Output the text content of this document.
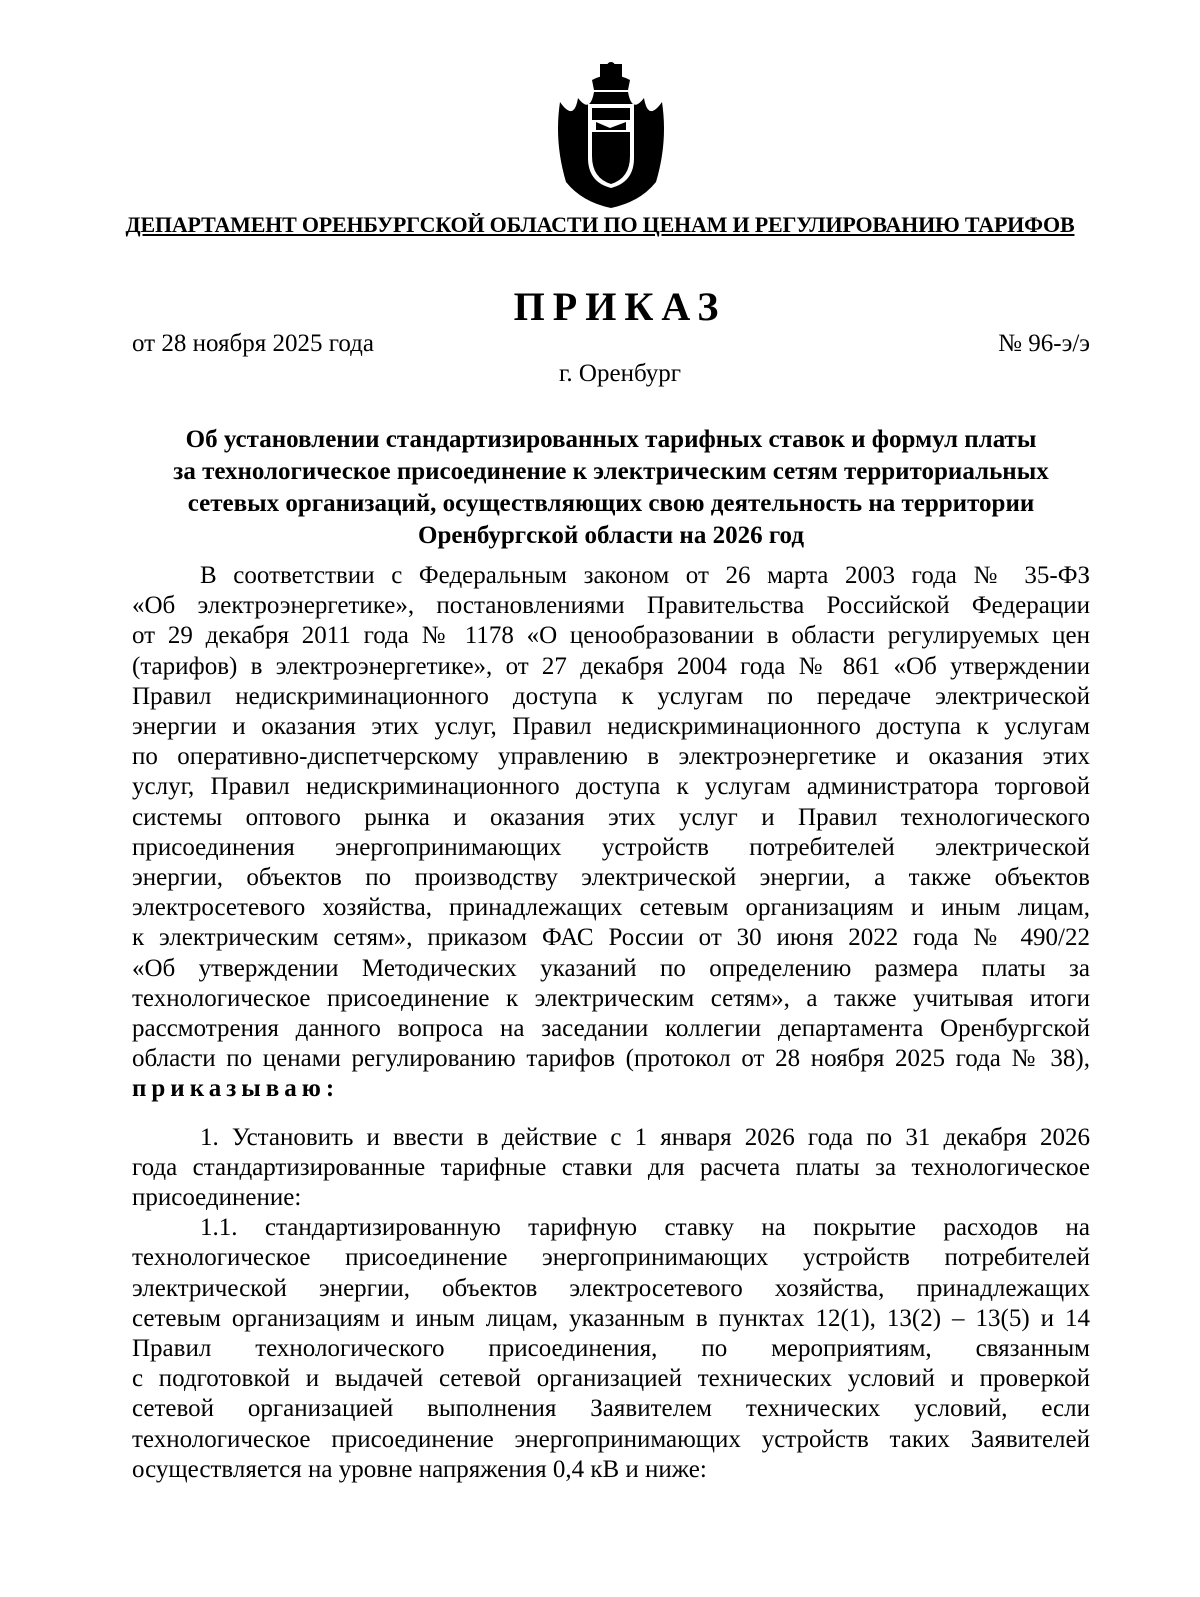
ДЕПАРТАМЕНТ ОРЕНБУРГСКОЙ ОБЛАСТИ ПО ЦЕНАМ И РЕГУЛИРОВАНИЮ ТАРИФОВ
ПРИКАЗ
от 28 ноября 2025 года	№ 96-э/э
г. Оренбург
Об установлении стандартизированных тарифных ставок и формул платы
за технологическое присоединение к электрическим сетям территориальных
сетевых организаций, осуществляющих свою деятельность на территории
Оренбургской области на 2026 год
В соответствии с Федеральным законом от 26 марта 2003 года № 35-ФЗ
«Об электроэнергетике», постановлениями Правительства Российской Федерации
от 29 декабря 2011 года № 1178 «О ценообразовании в области регулируемых цен
(тарифов) в электроэнергетике», от 27 декабря 2004 года № 861 «Об утверждении
Правил недискриминационного доступа к услугам по передаче электрической
энергии и оказания этих услуг, Правил недискриминационного доступа к услугам
по оперативно-диспетчерскому управлению в электроэнергетике и оказания этих
услуг, Правил недискриминационного доступа к услугам администратора торговой
системы оптового рынка и оказания этих услуг и Правил технологического
присоединения энергопринимающих устройств потребителей электрической
энергии, объектов по производству электрической энергии, а также объектов
электросетевого хозяйства, принадлежащих сетевым организациям и иным лицам,
к электрическим сетям», приказом ФАС России от 30 июня 2022 года № 490/22
«Об утверждении Методических указаний по определению размера платы за
технологическое присоединение к электрическим сетям», а также учитывая итоги
рассмотрения данного вопроса на заседании коллегии департамента Оренбургской
области по ценами регулированию тарифов (протокол от 28 ноября 2025 года № 38),
приказываю:
1. Установить и ввести в действие с 1 января 2026 года по 31 декабря 2026
года стандартизированные тарифные ставки для расчета платы за технологическое
присоединение:
1.1. стандартизированную тарифную ставку на покрытие расходов на
технологическое присоединение энергопринимающих устройств потребителей
электрической энергии, объектов электросетевого хозяйства, принадлежащих
сетевым организациям и иным лицам, указанным в пунктах 12(1), 13(2) – 13(5) и 14
Правил технологического присоединения, по мероприятиям, связанным
с подготовкой и выдачей сетевой организацией технических условий и проверкой
сетевой организацией выполнения Заявителем технических условий, если
технологическое присоединение энергопринимающих устройств таких Заявителей
осуществляется на уровне напряжения 0,4 кВ и ниже:
